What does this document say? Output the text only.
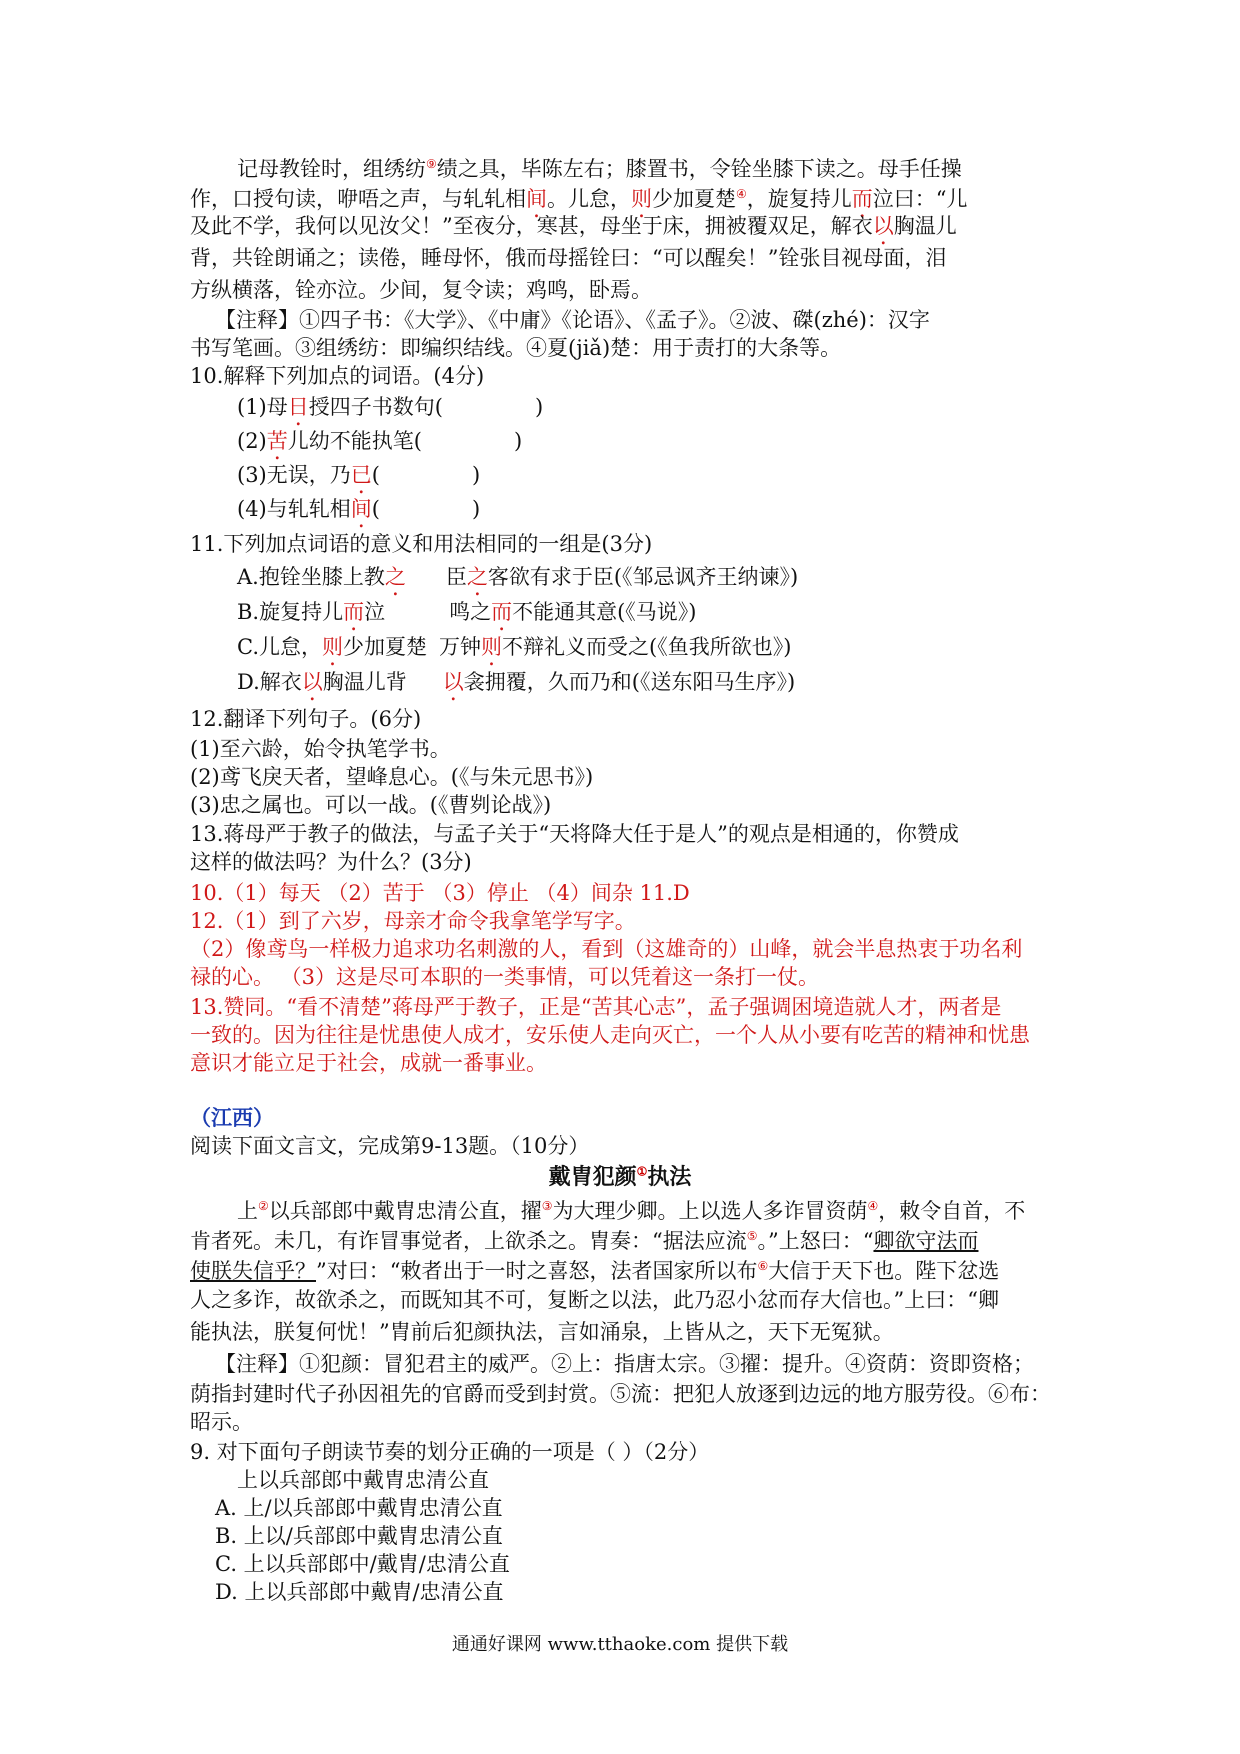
记母教铨时，组绣纺⑨绩之具，毕陈左右；膝置书，令铨坐膝下读之。母手任操
作，口授句读，咿唔之声，与轧轧相间。儿怠，则少加夏楚④，旋复持儿而泣曰：“儿
及此不学，我何以见汝父！”至夜分，寒甚，母坐于床，拥被覆双足，解衣以胸温儿
背，共铨朗诵之；读倦，睡母怀，俄而母摇铨曰：“可以醒矣！”铨张目视母面，泪
方纵横落，铨亦泣。少间，复令读；鸡鸣，卧焉。
【注释】①四子书：《大学》、《中庸》《论语》、《孟子》。②波、磔(zhé)：汉字
书写笔画。③组绣纺：即编织结线。④夏(jiǎ)楚：用于责打的大条等。
10.解释下列加点的词语。(4分)
(1)母日授四子书数句(	)
(2)苦儿幼不能执笔(	)
(3)无误，乃已(	)
(4)与轧轧相间(	)
11.下列加点词语的意义和用法相同的一组是(3分)
A.抱铨坐膝上教之 臣之客欲有求于臣(《邹忌讽齐王纳谏》)
B.旋复持儿而泣	鸣之而不能通其意(《马说》)
C.儿怠，则少加夏楚 万钟则不辩礼义而受之(《鱼我所欲也》)
D.解衣以胸温儿背 以衾拥覆，久而乃和(《送东阳马生序》)
12.翻译下列句子。(6分)
(1)至六龄，始令执笔学书。
(2)鸢飞戾天者，望峰息心。(《与朱元思书》)
(3)忠之属也。可以一战。(《曹刿论战》)
13.蒋母严于教子的做法，与孟子关于“天将降大任于是人”的观点是相通的，你赞成
这样的做法吗？为什么？(3分)
10.（1）每天 （2）苦于 （3）停止 （4）间杂 11.D
12.（1）到了六岁，母亲才命令我拿笔学写字。
（2）像鸢鸟一样极力追求功名刺激的人，看到（这雄奇的）山峰，就会半息热衷于功名利
禄的心。 （3）这是尽可本职的一类事情，可以凭着这一条打一仗。
13.赞同。“看不清楚”蒋母严于教子，正是“苦其心志”，孟子强调困境造就人才，两者是
一致的。因为往往是忧患使人成才，安乐使人走向灭亡，一个人从小要有吃苦的精神和忧患
意识才能立足于社会，成就一番事业。
（江西）
阅读下面文言文，完成第9-13题。（10分）
戴胄犯颜①执法
上②以兵部郎中戴胄忠清公直，擢③为大理少卿。上以选人多诈冒资荫④，敕令自首，不
肯者死。未几，有诈冒事觉者，上欲杀之。胄奏：“据法应流⑤。”上怒曰：“卿欲守法而
使朕失信乎？”对曰：“敕者出于一时之喜怒，法者国家所以布⑥大信于天下也。陛下忿选
人之多诈，故欲杀之，而既知其不可，复断之以法，此乃忍小忿而存大信也。”上曰：“卿
能执法，朕复何忧！”胄前后犯颜执法，言如涌泉，上皆从之，天下无冤狱。
【注释】①犯颜：冒犯君主的威严。②上：指唐太宗。③擢：提升。④资荫：资即资格；
荫指封建时代子孙因祖先的官爵而受到封赏。⑤流：把犯人放逐到边远的地方服劳役。⑥布：
昭示。
9. 对下面句子朗读节奏的划分正确的一项是（ ）（2分）
上以兵部郎中戴胄忠清公直
A. 上/以兵部郎中戴胄忠清公直
B. 上以/兵部郎中戴胄忠清公直
C. 上以兵部郎中/戴胄/忠清公直
D. 上以兵部郎中戴胄/忠清公直
通通好课网 www.tthaoke.com 提供下载
